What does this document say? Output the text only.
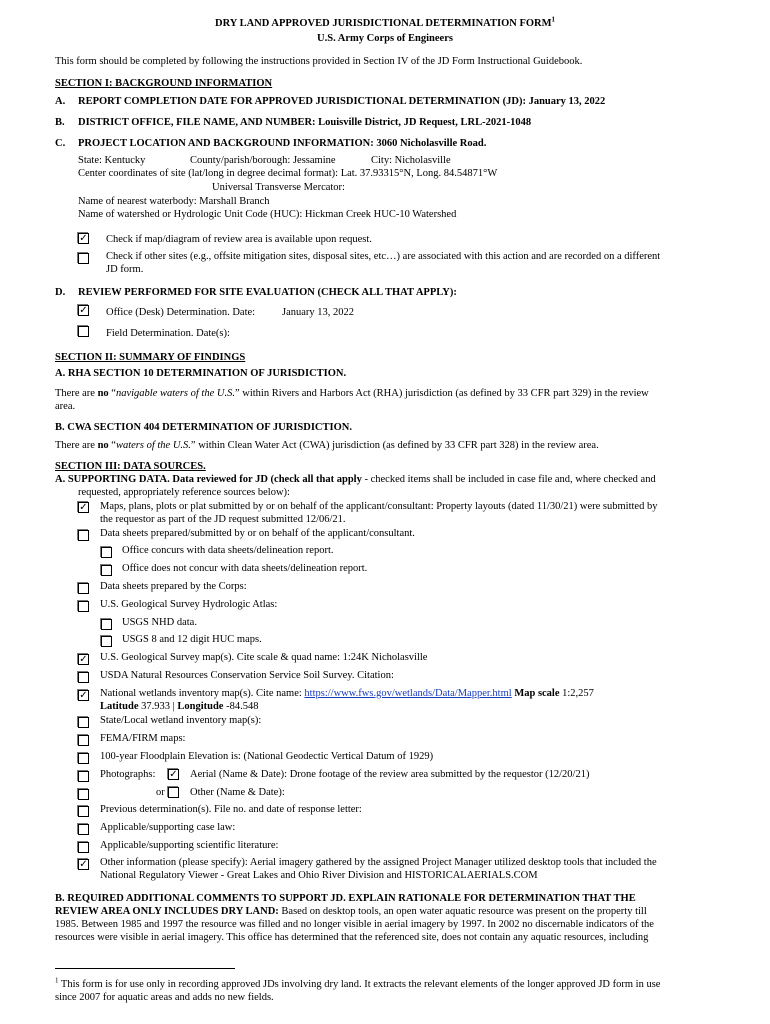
DRY LAND APPROVED JURISDICTIONAL DETERMINATION FORM$^1$
U.S. Army Corps of Engineers
This form should be completed by following the instructions provided in Section IV of the JD Form Instructional Guidebook.
SECTION I: BACKGROUND INFORMATION
A. REPORT COMPLETION DATE FOR APPROVED JURISDICTIONAL DETERMINATION (JD): January 13, 2022
B. DISTRICT OFFICE, FILE NAME, AND NUMBER: Louisville District, JD Request, LRL-2021-1048
C. PROJECT LOCATION AND BACKGROUND INFORMATION: 3060 Nicholasville Road.
State: Kentucky	County/parish/borough: Jessamine	City: Nicholasville
Center coordinates of site (lat/long in degree decimal format): Lat. 37.93315°N, Long. 84.54871°W
Universal Transverse Mercator:
Name of nearest waterbody: Marshall Branch
Name of watershed or Hydrologic Unit Code (HUC): Hickman Creek HUC-10 Watershed
✓ Check if map/diagram of review area is available upon request.
Check if other sites (e.g., offsite mitigation sites, disposal sites, etc…) are associated with this action and are recorded on a different
JD form.
D. REVIEW PERFORMED FOR SITE EVALUATION (CHECK ALL THAT APPLY):
✓ Office (Desk) Determination. Date:	January 13, 2022
Field Determination. Date(s):
SECTION II: SUMMARY OF FINDINGS
A. RHA SECTION 10 DETERMINATION OF JURISDICTION.
There are no “navigable waters of the U.S.” within Rivers and Harbors Act (RHA) jurisdiction (as defined by 33 CFR part 329) in the review
area.
B. CWA SECTION 404 DETERMINATION OF JURISDICTION.
There are no “waters of the U.S.” within Clean Water Act (CWA) jurisdiction (as defined by 33 CFR part 328) in the review area.
SECTION III: DATA SOURCES.
A. SUPPORTING DATA. Data reviewed for JD (check all that apply - checked items shall be included in case file and, where checked and
requested, appropriately reference sources below):
✓ Maps, plans, plots or plat submitted by or on behalf of the applicant/consultant: Property layouts (dated 11/30/21) were submitted by
the requestor as part of the JD request submitted 12/06/21.
Data sheets prepared/submitted by or on behalf of the applicant/consultant.
Office concurs with data sheets/delineation report.
Office does not concur with data sheets/delineation report.
Data sheets prepared by the Corps:
U.S. Geological Survey Hydrologic Atlas:
USGS NHD data.
USGS 8 and 12 digit HUC maps.
✓ U.S. Geological Survey map(s). Cite scale & quad name: 1:24K Nicholasville
USDA Natural Resources Conservation Service Soil Survey. Citation:
✓ National wetlands inventory map(s). Cite name: https://www.fws.gov/wetlands/Data/Mapper.html Map scale 1:2,257
Latitude 37.933 | Longitude -84.548
State/Local wetland inventory map(s):
FEMA/FIRM maps:
100-year Floodplain Elevation is: (National Geodectic Vertical Datum of 1929)
Photographs: ✓ Aerial (Name & Date): Drone footage of the review area submitted by the requestor (12/20/21)
or Other (Name & Date):
Previous determination(s). File no. and date of response letter:
Applicable/supporting case law:
Applicable/supporting scientific literature:
✓ Other information (please specify): Aerial imagery gathered by the assigned Project Manager utilized desktop tools that included the
National Regulatory Viewer - Great Lakes and Ohio River Division and HISTORICALAERIALS.COM
B. REQUIRED ADDITIONAL COMMENTS TO SUPPORT JD. EXPLAIN RATIONALE FOR DETERMINATION THAT THE
REVIEW AREA ONLY INCLUDES DRY LAND: Based on desktop tools, an open water aquatic resource was present on the property till
1985. Between 1985 and 1997 the resource was filled and no longer visible in aerial imagery by 1997. In 2002 no discernable indicators of the
resources were visible in aerial imagery. This office has determined that the referenced site, does not contain any aquatic resources, including
$^1$ This form is for use only in recording approved JDs involving dry land. It extracts the relevant elements of the longer approved JD form in use
since 2007 for aquatic areas and adds no new fields.
